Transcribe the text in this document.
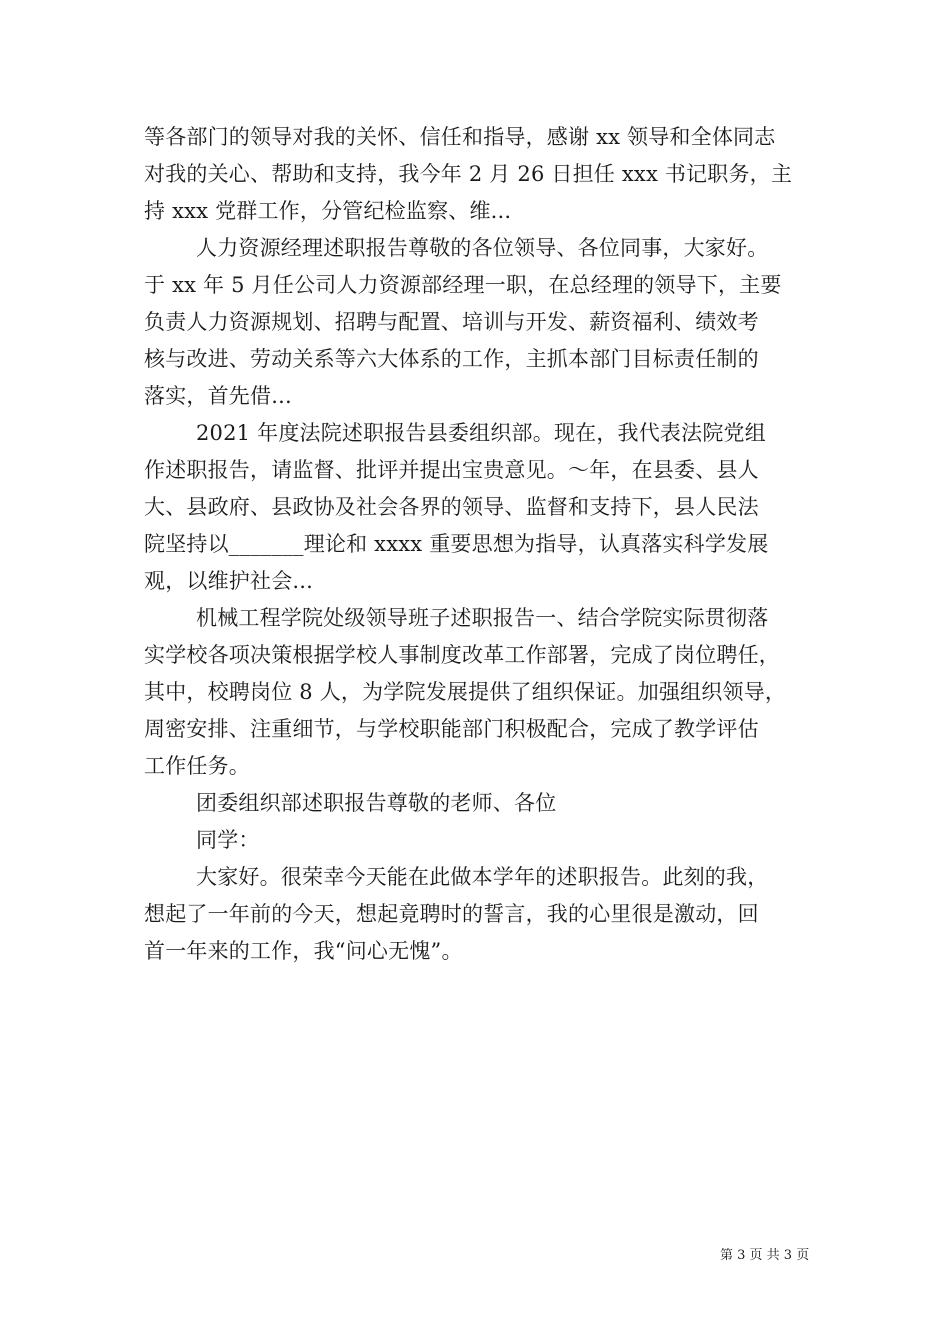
等各部门的领导对我的关怀、信任和指导，感谢 xx 领导和全体同志
对我的关心、帮助和支持，我今年 2 月 26 日担任 xxx 书记职务，主
持 xxx 党群工作，分管纪检监察、维...
人力资源经理述职报告尊敬的各位领导、各位同事，大家好。
于 xx 年 5 月任公司人力资源部经理一职，在总经理的领导下，主要
负责人力资源规划、招聘与配置、培训与开发、薪资福利、绩效考
核与改进、劳动关系等六大体系的工作，主抓本部门目标责任制的
落实，首先借...
2021 年度法院述职报告县委组织部。现在，我代表法院党组
作述职报告，请监督、批评并提出宝贵意见。～年，在县委、县人
大、县政府、县政协及社会各界的领导、监督和支持下，县人民法
院坚持以_______理论和 xxxx 重要思想为指导，认真落实科学发展
观，以维护社会...
机械工程学院处级领导班子述职报告一、结合学院实际贯彻落
实学校各项决策根据学校人事制度改革工作部署，完成了岗位聘任，
其中，校聘岗位 8 人，为学院发展提供了组织保证。加强组织领导，
周密安排、注重细节，与学校职能部门积极配合，完成了教学评估
工作任务。
团委组织部述职报告尊敬的老师、各位
同学：
大家好。很荣幸今天能在此做本学年的述职报告。此刻的我，
想起了一年前的今天，想起竟聘时的誓言，我的心里很是激动，回
首一年来的工作，我“问心无愧”。
第 3 页 共 3 页
